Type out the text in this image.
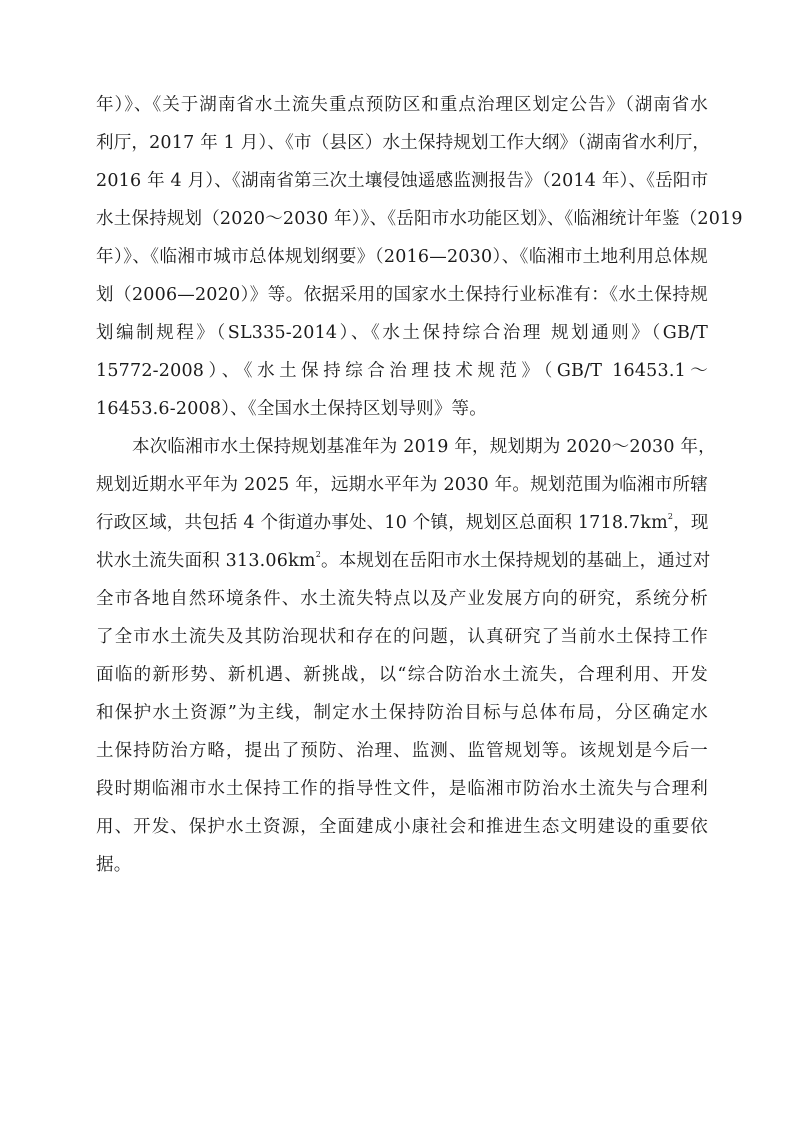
年）》、《关于湖南省水土流失重点预防区和重点治理区划定公告》（湖南省水
利厅，2017 年 1 月）、《市（县区）水土保持规划工作大纲》（湖南省水利厅，
2016 年 4 月）、《湖南省第三次土壤侵蚀遥感监测报告》（2014 年）、《岳阳市
水土保持规划（2020～2030 年）》、《岳阳市水功能区划》、《临湘统计年鉴（2019
年）》、《临湘市城市总体规划纲要》（2016—2030）、《临湘市土地利用总体规
划（2006—2020）》等。依据采用的国家水土保持行业标准有：《水土保持规
划编制规程》（SL335-2014）、《水土保持综合治理 规划通则》（GB/T
15772-2008）、《水土保持综合治理技术规范》（GB/T 16453.1～
16453.6-2008）、《全国水土保持区划导则》等。
本次临湘市水土保持规划基准年为 2019 年，规划期为 2020～2030 年，
规划近期水平年为 2025 年，远期水平年为 2030 年。规划范围为临湘市所辖
行政区域，共包括 4 个街道办事处、10 个镇，规划区总面积 $1718.7km^2$，现
状水土流失面积 $313.06km^2$。本规划在岳阳市水土保持规划的基础上，通过对
全市各地自然环境条件、水土流失特点以及产业发展方向的研究，系统分析
了全市水土流失及其防治现状和存在的问题，认真研究了当前水土保持工作
面临的新形势、新机遇、新挑战，以“综合防治水土流失，合理利用、开发
和保护水土资源”为主线，制定水土保持防治目标与总体布局，分区确定水
土保持防治方略，提出了预防、治理、监测、监管规划等。该规划是今后一
段时期临湘市水土保持工作的指导性文件，是临湘市防治水土流失与合理利
用、开发、保护水土资源，全面建成小康社会和推进生态文明建设的重要依
据。
